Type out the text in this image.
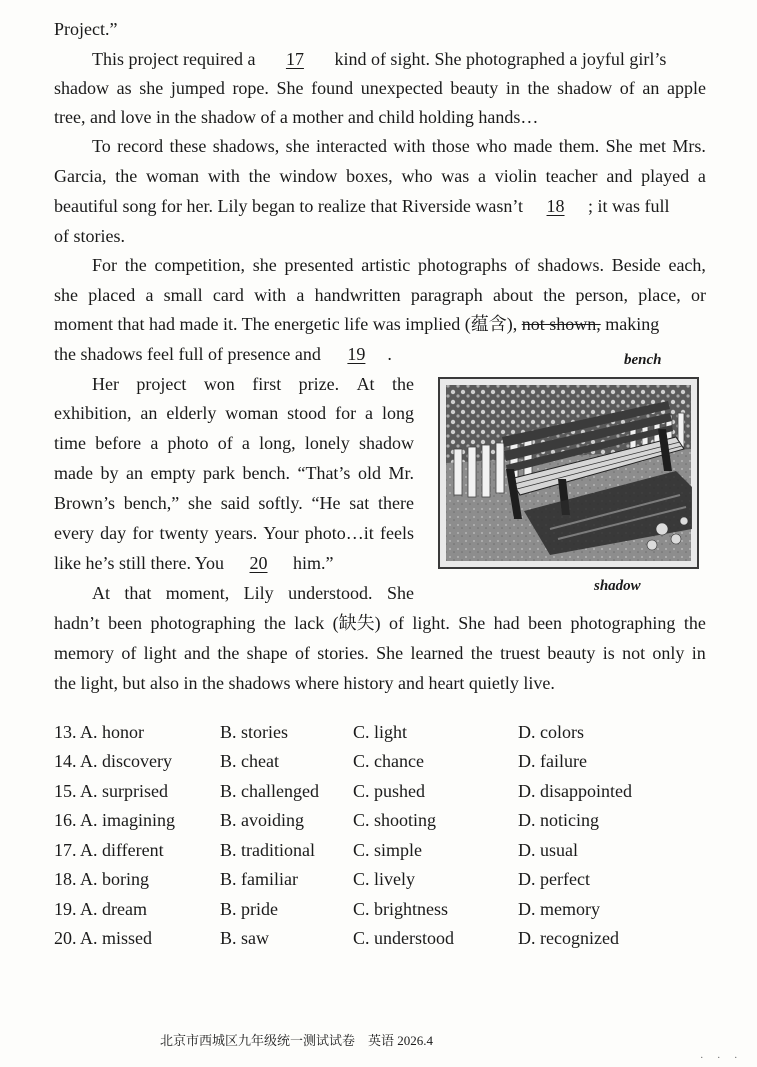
Project.”
This project required a 17 kind of sight. She photographed a joyful girl’s
shadow as she jumped rope. She found unexpected beauty in the shadow of an apple
tree, and love in the shadow of a mother and child holding hands…
To record these shadows, she interacted with those who made them. She met Mrs.
Garcia, the woman with the window boxes, who was a violin teacher and played a
beautiful song for her. Lily began to realize that Riverside wasn’t 18 ; it was full
of stories.
For the competition, she presented artistic photographs of shadows. Beside each,
she placed a small card with a handwritten paragraph about the person, place, or
moment that had made it. The energetic life was implied (蕴含), not shown, making
the shadows feel full of presence and 19 .	bench
shadow
Her project won first prize. At the
exhibition, an elderly woman stood for a long
time before a photo of a long, lonely shadow
made by an empty park bench. “That’s old Mr.
Brown’s bench,” she said softly. “He sat there
every day for twenty years. Your photo…it feels
like he’s still there. You 20 him.”
At that moment, Lily understood. She
hadn’t been photographing the lack (缺失) of light. She had been photographing the
memory of light and the shape of stories. She learned the truest beauty is not only in
the light, but also in the shadows where history and heart quietly live.
13. A. honor	B. stories	C. light	D. colors
14. A. discovery	B. cheat	C. chance	D. failure
15. A. surprised	B. challenged C. pushed	D. disappointed
16. A. imagining	B. avoiding	C. shooting	D. noticing
17. A. different	B. traditional C. simple	D. usual
18. A. boring	B. familiar	C. lively	D. perfect
19. A. dream	B. pride	C. brightness	D. memory
20. A. missed	B. saw	C. understood	D. recognized
北京市西城区九年级统一测试试卷　英语 2026.4
. . .
